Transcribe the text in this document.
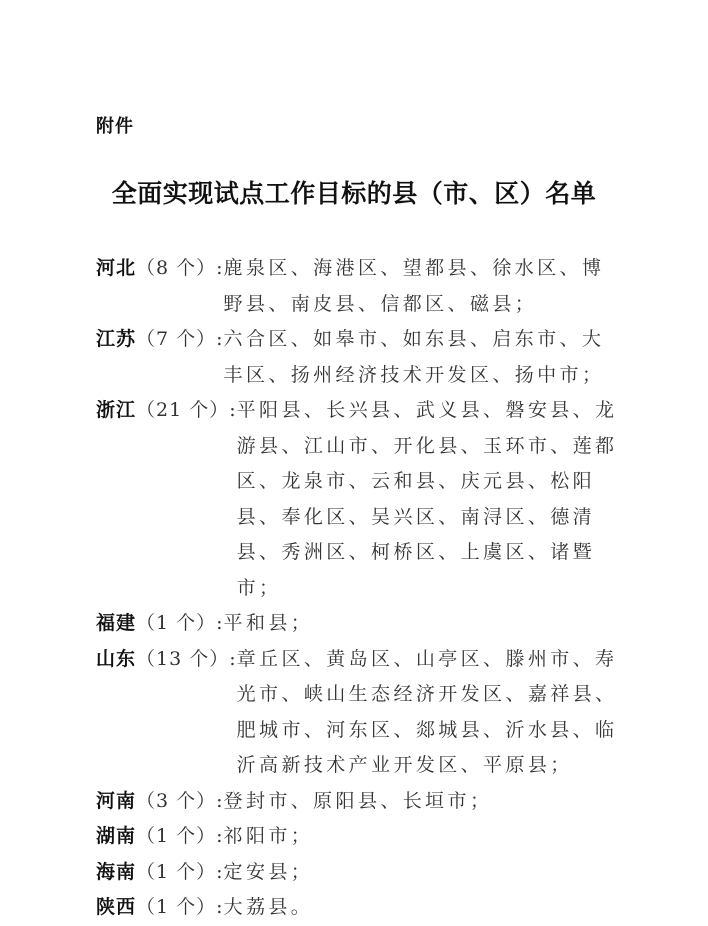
附件
全面实现试点工作目标的县（市、区）名单
河北（8 个）: 鹿泉区、海港区、望都县、徐水区、博野县、南皮县、信都区、磁县；
江苏（7 个）: 六合区、如皋市、如东县、启东市、大丰区、扬州经济技术开发区、扬中市；
浙江（21 个）: 平阳县、长兴县、武义县、磐安县、龙游县、江山市、开化县、玉环市、莲都区、龙泉市、云和县、庆元县、松阳县、奉化区、吴兴区、南浔区、德清县、秀洲区、柯桥区、上虞区、诸暨市；
福建（1 个）: 平和县；
山东（13 个）: 章丘区、黄岛区、山亭区、滕州市、寿光市、峡山生态经济开发区、嘉祥县、肥城市、河东区、郯城县、沂水县、临沂高新技术产业开发区、平原县；
河南（3 个）: 登封市、原阳县、长垣市；
湖南（1 个）: 祁阳市；
海南（1 个）: 定安县；
陕西（1 个）: 大荔县。
